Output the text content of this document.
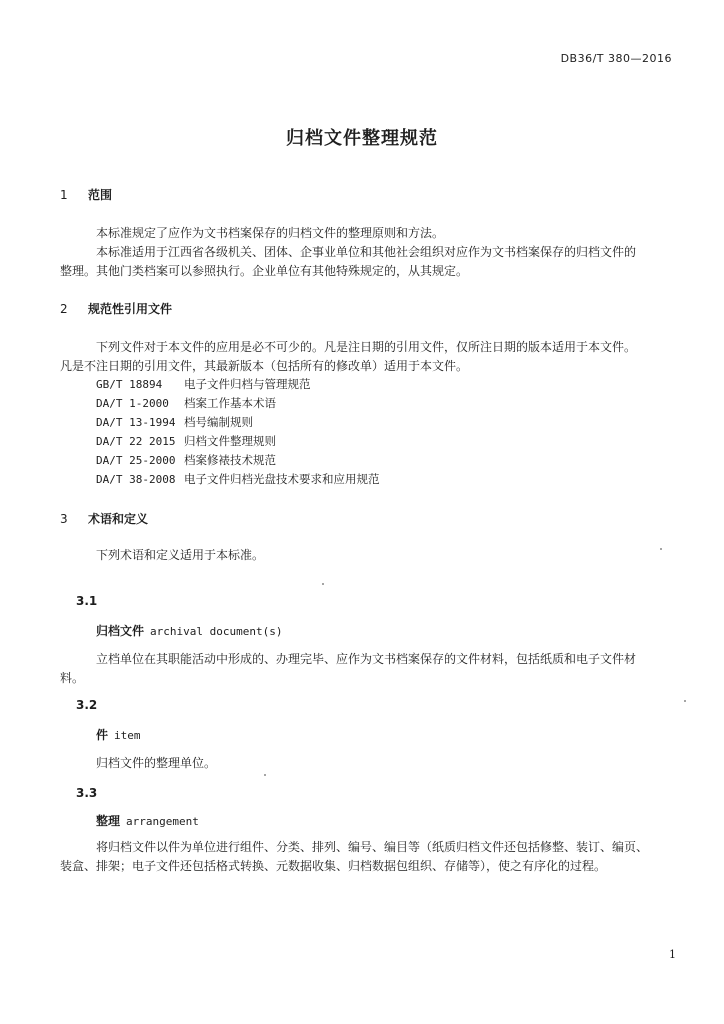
DB36/T 380—2016
归档文件整理规范
1 范围
本标准规定了应作为文书档案保存的归档文件的整理原则和方法。
本标准适用于江西省各级机关、团体、企事业单位和其他社会组织对应作为文书档案保存的归档文件的
整理。其他门类档案可以参照执行。企业单位有其他特殊规定的，从其规定。
2 规范性引用文件
下列文件对于本文件的应用是必不可少的。凡是注日期的引用文件，仅所注日期的版本适用于本文件。
凡是不注日期的引用文件，其最新版本（包括所有的修改单）适用于本文件。
GB/T 18894 电子文件归档与管理规范
DA/T 1-2000 档案工作基本术语
DA/T 13-1994 档号编制规则
DA/T 22 2015 归档文件整理规则
DA/T 25-2000 档案修裱技术规范
DA/T 38-2008 电子文件归档光盘技术要求和应用规范
3 术语和定义
下列术语和定义适用于本标准。
3.1
归档文件 archival document(s)
立档单位在其职能活动中形成的、办理完毕、应作为文书档案保存的文件材料，包括纸质和电子文件材
料。
3.2
件 item
归档文件的整理单位。
3.3
整理 arrangement
将归档文件以件为单位进行组件、分类、排列、编号、编目等（纸质归档文件还包括修整、装订、编页、
装盒、排架；电子文件还包括格式转换、元数据收集、归档数据包组织、存储等），使之有序化的过程。
1
